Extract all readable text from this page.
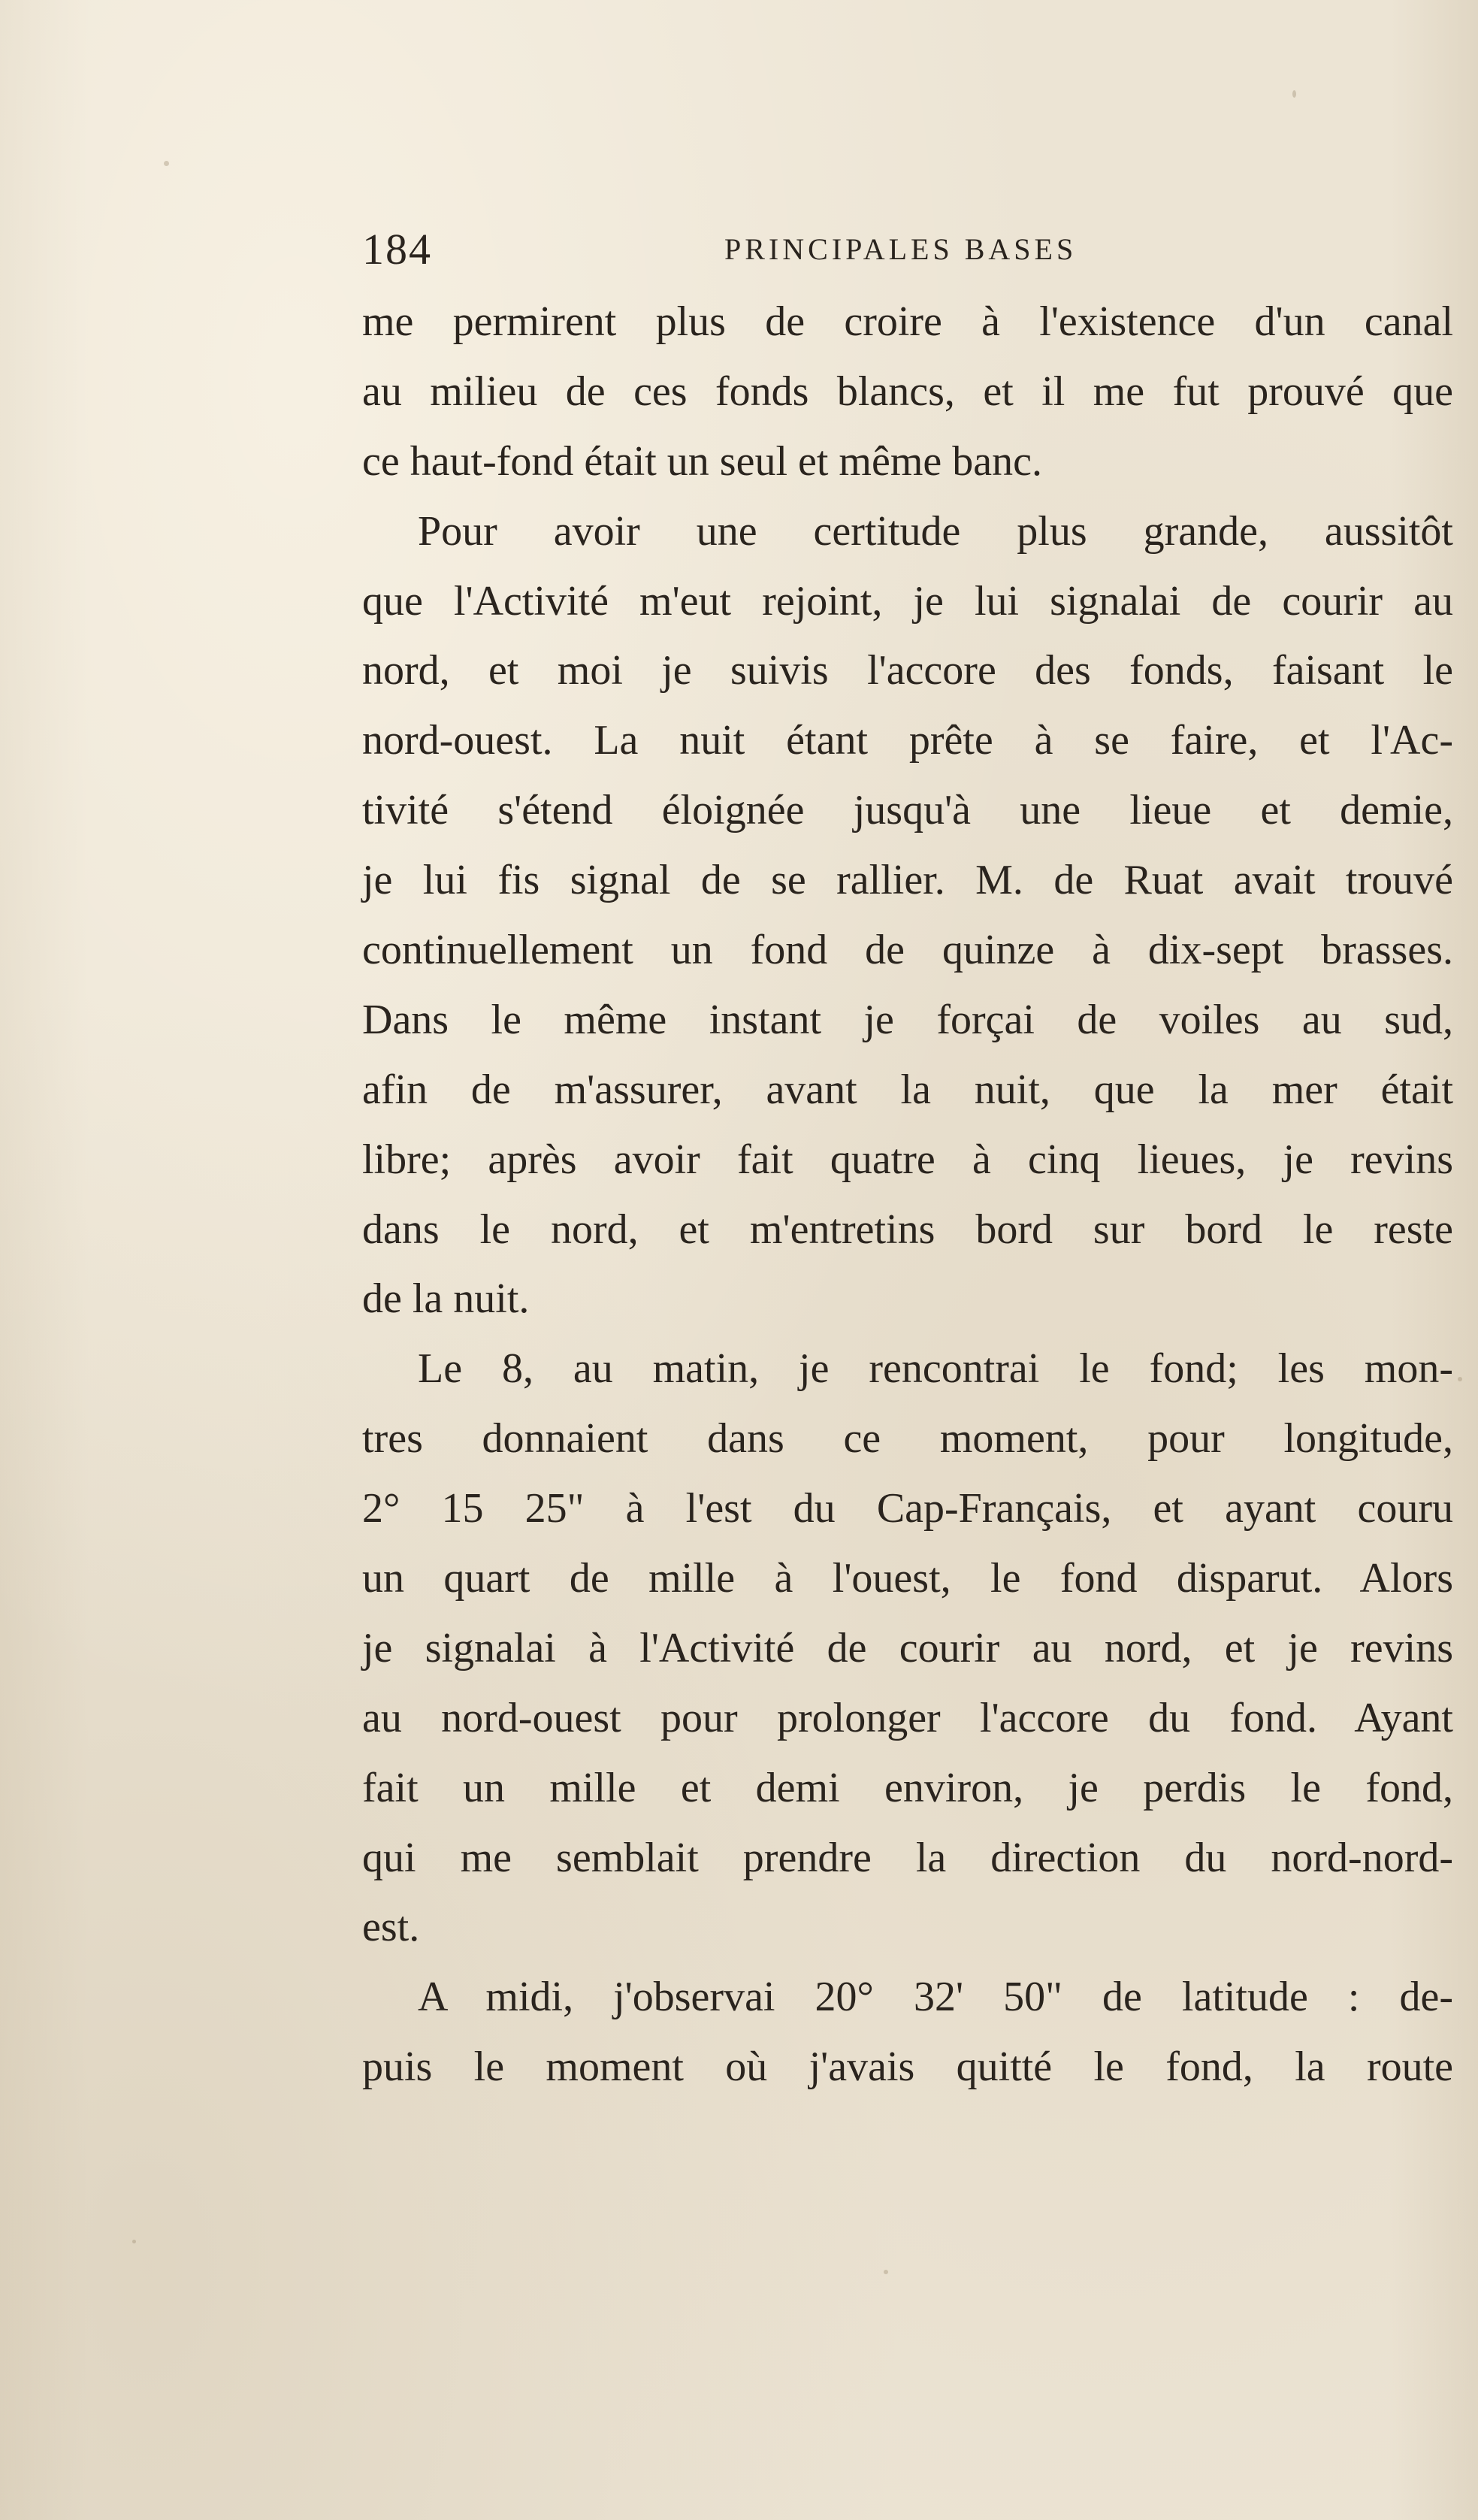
184	PRINCIPALES BASES
me permirent plus de croire à l'existence d'un canal
au milieu de ces fonds blancs, et il me fut prouvé que
ce haut-fond était un seul et même banc.
Pour avoir une certitude plus grande, aussitôt
que l'Activité m'eut rejoint, je lui signalai de courir au
nord, et moi je suivis l'accore des fonds, faisant le
nord-ouest. La nuit étant prête à se faire, et l'Ac-
tivité s'étend éloignée jusqu'à une lieue et demie,
je lui fis signal de se rallier. M. de Ruat avait trouvé
continuellement un fond de quinze à dix-sept brasses.
Dans le même instant je forçai de voiles au sud,
afin de m'assurer, avant la nuit, que la mer était
libre; après avoir fait quatre à cinq lieues, je revins
dans le nord, et m'entretins bord sur bord le reste
de la nuit.
Le 8, au matin, je rencontrai le fond; les mon-
tres donnaient dans ce moment, pour longitude,
2° 15 25" à l'est du Cap-Français, et ayant couru
un quart de mille à l'ouest, le fond disparut. Alors
je signalai à l'Activité de courir au nord, et je revins
au nord-ouest pour prolonger l'accore du fond. Ayant
fait un mille et demi environ, je perdis le fond,
qui me semblait prendre la direction du nord-nord-
est.
A midi, j'observai 20° 32' 50" de latitude : de-
puis le moment où j'avais quitté le fond, la route
